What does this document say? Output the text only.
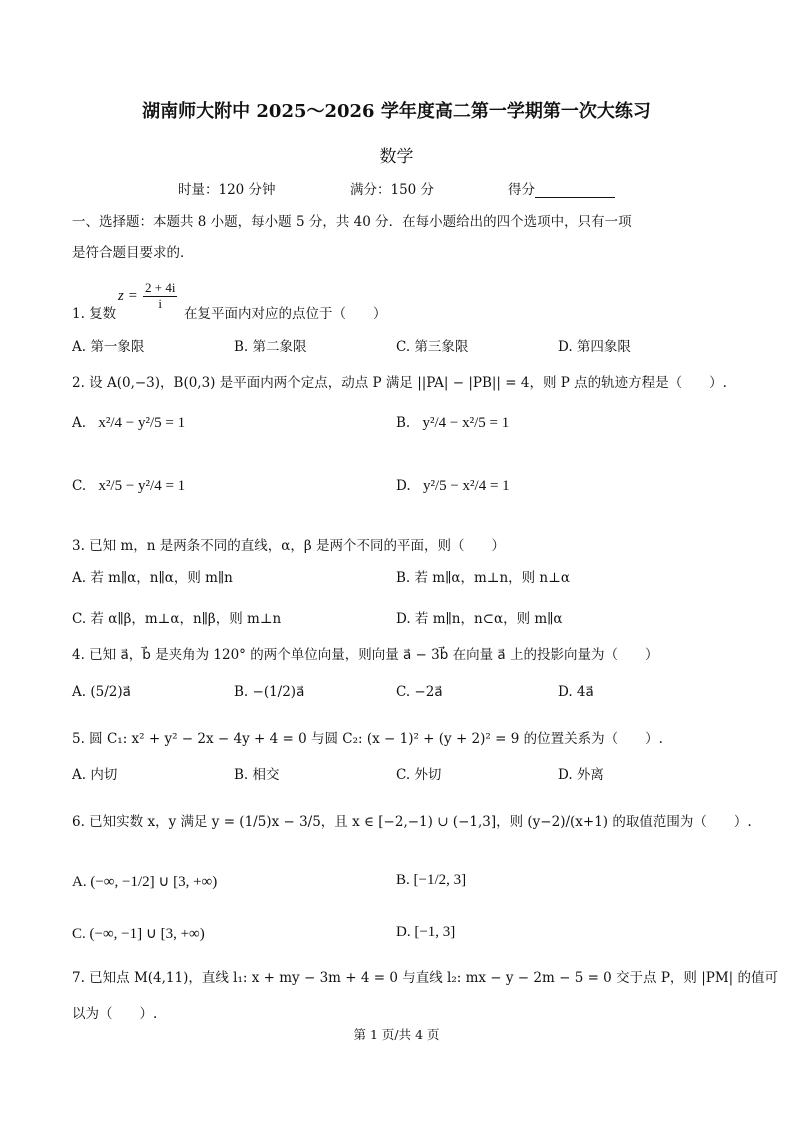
湖南师大附中 2025～2026 学年度高二第一学期第一次大练习
数学
时量：120 分钟	满分：150 分	得分
一、选择题：本题共 8 小题，每小题 5 分，共 40 分．在每小题给出的四个选项中，只有一项
是符合题目要求的．
$z = \frac{2 + 4i}{i}$
1. 复数	在复平面内对应的点位于（　　）
A. 第一象限	B. 第二象限	C. 第三象限	D. 第四象限
2. 设 A(0,−3)，B(0,3) 是平面内两个定点，动点 P 满足 ||PA| − |PB|| = 4，则 P 点的轨迹方程是（　　）.
A. x²/4 − y²/5 = 1	B. y²/4 − x²/5 = 1
C. x²/5 − y²/4 = 1	D. y²/5 − x²/4 = 1
3. 已知 m，n 是两条不同的直线，α，β 是两个不同的平面，则（　　）
A. 若 m∥α，n∥α，则 m∥n	B. 若 m∥α，m⊥n，则 n⊥α
C. 若 α∥β，m⊥α，n∥β，则 m⊥n	D. 若 m∥n，n⊂α，则 m∥α
4. 已知 a⃗，b⃗ 是夹角为 120° 的两个单位向量，则向量 a⃗ − 3b⃗ 在向量 a⃗ 上的投影向量为（　　）
A. (5/2)a⃗	B. −(1/2)a⃗	C. −2a⃗	D. 4a⃗
5. 圆 C₁: x² + y² − 2x − 4y + 4 = 0 与圆 C₂: (x − 1)² + (y + 2)² = 9 的位置关系为（　　）.
A. 内切	B. 相交	C. 外切	D. 外离
6. 已知实数 x，y 满足 y = (1/5)x − 3/5，且 x ∈ [−2,−1) ∪ (−1,3]，则 (y−2)/(x+1) 的取值范围为（　　）.
A. (−∞, −1/2] ∪ [3, +∞)	B. [−1/2, 3]
C. (−∞, −1] ∪ [3, +∞)	D. [−1, 3]
7. 已知点 M(4,11)，直线 l₁: x + my − 3m + 4 = 0 与直线 l₂: mx − y − 2m − 5 = 0 交于点 P，则 |PM| 的值可
以为（　　）.
第 1 页/共 4 页
